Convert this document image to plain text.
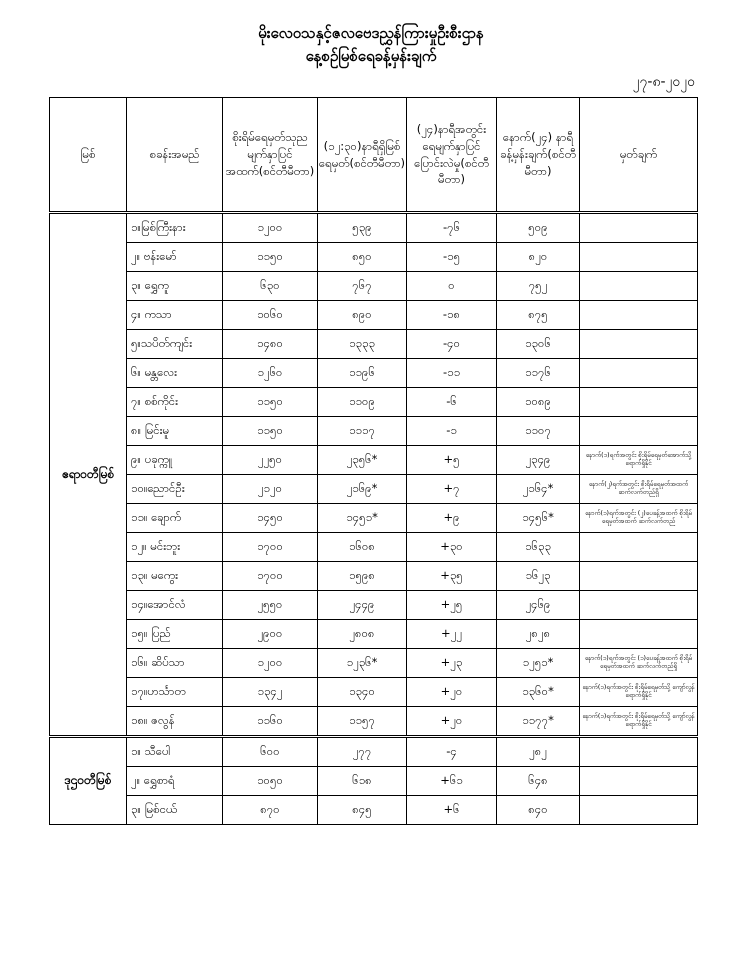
မိုးလေဝသနှင့်ဇလဗေဒညွှန်ကြားမှုဦးစီးဌာန
နေ့စဉ်မြစ်ရေခန့်မှန်းချက်
၂၇-၈-၂၀၂၀
မြစ်	စခန်းအမည်	စိုးရိမ်ရေမှတ်သုညမျက်နှာပြင်အထက်(စင်တီမီတာ)	(၁၂:၃၀)နာရီရှိမြစ်ရေမှတ်(စင်တီမီတာ)	(၂၄)နာရီအတွင်းရေမျက်နှာပြင်ပြောင်းလဲမှု(စင်တီမီတာ)	နောက်(၂၄) နာရီခန့်မှန်းချက်(စင်တီမီတာ)	မှတ်ချက်
ဧရာဝတီမြစ်	၁။မြစ်ကြီးနား	၁၂၀၀	၅၃၉	-၇၆	၅၀၉	
	၂။ ဗန်းမော်	၁၁၅၀	၈၅၀	-၁၅	၈၂၀	
	၃။ ရွှေကူ	၆၃၀	၇၆၇	၀	၇၅၂	
	၄။ ကသာ	၁၀၆၀	၈၉၀	-၁၈	၈၇၅	
	၅။သပိတ်ကျင်း	၁၄၈၀	၁၃၃၃	-၄၀	၁၃၀၆	
	၆။ မန္တလေး	၁၂၆၀	၁၁၉၆	-၁၁	၁၁၇၆	
	၇။ စစ်ကိုင်း	၁၁၅၀	၁၁၀၉	-၆	၁၀၈၉	
	၈။ မြင်းမူ	၁၁၅၀	၁၁၁၇	-၁	၁၁၀၇	
	၉။ ပခုက္ကူ	၂၂၅၀	၂၃၅၆*	+၅	၂၃၄၉	နောက်(၁)ရက်အတွင်း စိုးရိမ်ရေမှတ်အောက်သို့ရောက်ရှိနိုင်
	၁၀။ညောင်ဦး	၂၁၂၀	၂၁၆၉*	+၇	၂၁၆၄*	နောက်(၂)ရက်အတွင်း စိုးရိမ်ရေမှတ်အထက် ဆက်လက်တည်ရှိ
	၁၁။ ချောက်	၁၄၅၀	၁၄၅၁*	+၉	၁၄၅၆*	နောက်(၁)ရက်အတွင်း (၂)ပေခန့်အထက် စိုးရိမ်ရေမှတ်အထက် ဆက်လက်တည်
	၁၂။ မင်းဘူး	၁၇၀၀	၁၆၀၈	+၃၀	၁၆၃၃	
	၁၃။ မကွေး	၁၇၀၀	၁၅၉၈	+၃၅	၁၆၂၃	
	၁၄။အောင်လံ	၂၅၅၀	၂၄၄၉	+၂၅	၂၄၆၉	
	၁၅။ ပြည်	၂၉၀၀	၂၈၀၈	+၂၂	၂၈၂၈	
	၁၆။ ဆိပ်သာ	၁၂၀၀	၁၂၃၆*	+၂၃	၁၂၅၁*	နောက်(၁)ရက်အတွင်း (၁)ပေခန့်အထက် စိုးရိမ်ရေမှတ်အထက် ဆက်လက်တည်ရှိ
	၁၇။ဟင်္သာတ	၁၃၄၂	၁၃၄၀	+၂၀	၁၃၆၀*	နောက်(၁)ရက်အတွင်း စိုးရိမ်ရေမှတ်သို့ ကျော်လွန်ရောက်ရှိနိုင်
	၁၈။ ဇလွန်	၁၁၆၀	၁၁၅၇	+၂၀	၁၁၇၇*	နောက်(၁)ရက်အတွင်း စိုးရိမ်ရေမှတ်သို့ ကျော်လွန်ရောက်ရှိနိုင်
ဒုဌဝတီမြစ်	၁။ သီပေါ	၆၀၀	၂၇၇	-၄	၂၈၂	
	၂။ ရွှေစာရံ	၁၀၅၀	၆၁၈	+၆၁	၆၄၈	
	၃။ မြစ်ငယ်	၈၇၀	၈၄၅	+၆	၈၄၀	
